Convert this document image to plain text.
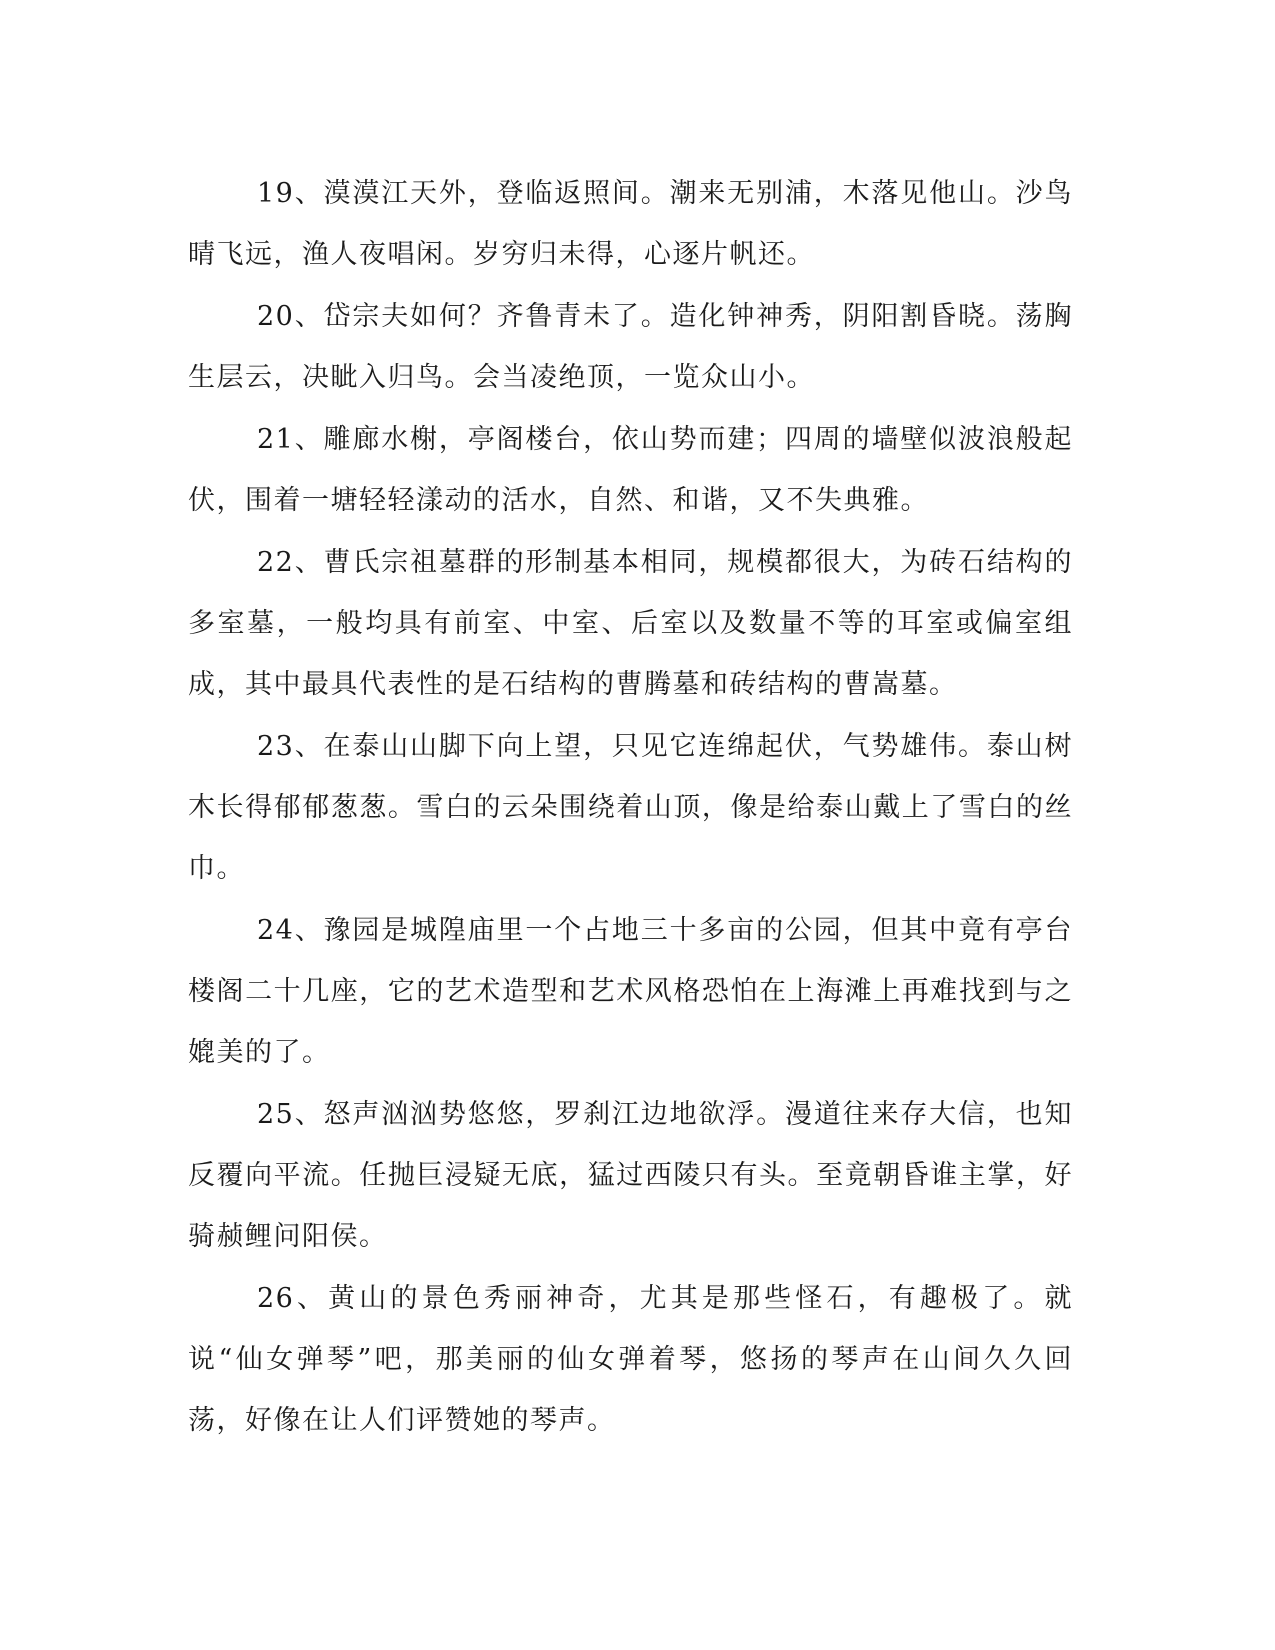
19、漠漠江天外，登临返照间。潮来无别浦，木落见他山。沙鸟晴飞远，渔人夜唱闲。岁穷归未得，心逐片帆还。

20、岱宗夫如何？齐鲁青未了。造化钟神秀，阴阳割昏晓。荡胸生层云，决眦入归鸟。会当凌绝顶，一览众山小。

21、雕廊水榭，亭阁楼台，依山势而建；四周的墙壁似波浪般起伏，围着一塘轻轻漾动的活水，自然、和谐，又不失典雅。

22、曹氏宗祖墓群的形制基本相同，规模都很大，为砖石结构的多室墓，一般均具有前室、中室、后室以及数量不等的耳室或偏室组成，其中最具代表性的是石结构的曹腾墓和砖结构的曹嵩墓。

23、在泰山山脚下向上望，只见它连绵起伏，气势雄伟。泰山树木长得郁郁葱葱。雪白的云朵围绕着山顶，像是给泰山戴上了雪白的丝巾。

24、豫园是城隍庙里一个占地三十多亩的公园，但其中竟有亭台楼阁二十几座，它的艺术造型和艺术风格恐怕在上海滩上再难找到与之媲美的了。

25、怒声汹汹势悠悠，罗刹江边地欲浮。漫道往来存大信，也知反覆向平流。任抛巨浸疑无底，猛过西陵只有头。至竟朝昏谁主掌，好骑赪鲤问阳侯。

26、黄山的景色秀丽神奇，尤其是那些怪石，有趣极了。就说“仙女弹琴”吧，那美丽的仙女弹着琴，悠扬的琴声在山间久久回荡，好像在让人们评赞她的琴声。
